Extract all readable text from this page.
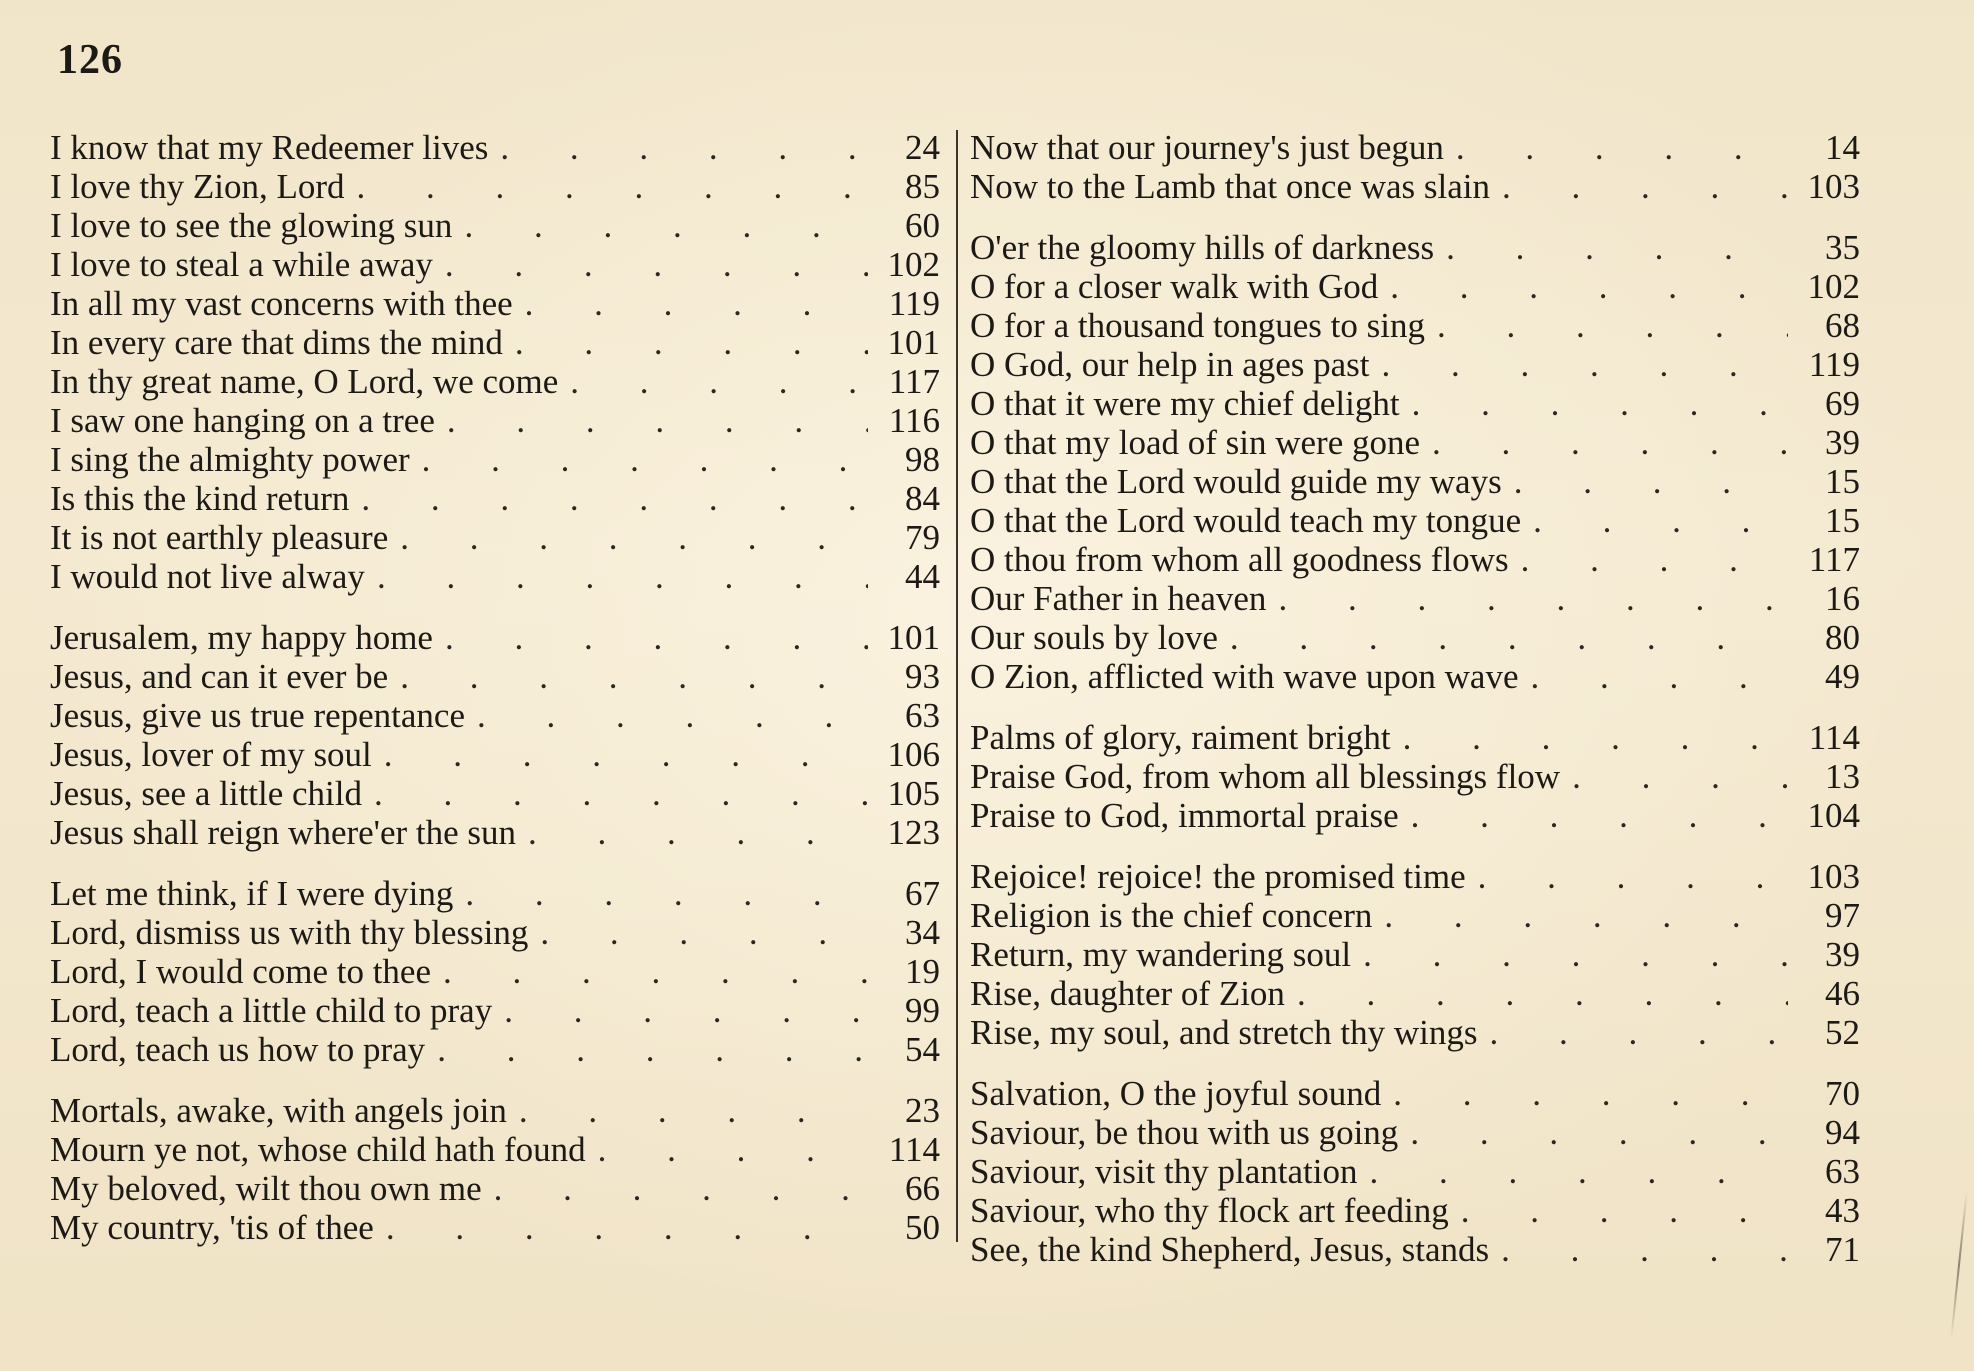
126
I know that my Redeemer lives . . .	24
I love thy Zion, Lord . . .	85
I love to see the glowing sun . . .	60
I love to steal a while away . . .	102
In all my vast concerns with thee . . .	119
In every care that dims the mind . . .	101
In thy great name, O Lord, we come . . .	117
I saw one hanging on a tree . . .	116
I sing the almighty power . . .	98
Is this the kind return . . .	84
It is not earthly pleasure . . .	79
I would not live alway . . .	44
Jerusalem, my happy home . . .	101
Jesus, and can it ever be . . .	93
Jesus, give us true repentance . . .	63
Jesus, lover of my soul . . .	106
Jesus, see a little child . . .	105
Jesus shall reign where'er the sun . . .	123
Let me think, if I were dying . . .	67
Lord, dismiss us with thy blessing . . .	34
Lord, I would come to thee . . .	19
Lord, teach a little child to pray . . .	99
Lord, teach us how to pray . . .	54
Mortals, awake, with angels join . . .	23
Mourn ye not, whose child hath found . . .	114
My beloved, wilt thou own me . . .	66
My country, 'tis of thee . . .	50
Now that our journey's just begun . . .	14
Now to the Lamb that once was slain . . .	103
O'er the gloomy hills of darkness . . .	35
O for a closer walk with God . . .	102
O for a thousand tongues to sing . . .	68
O God, our help in ages past . . .	119
O that it were my chief delight . . .	69
O that my load of sin were gone . . .	39
O that the Lord would guide my ways . . .	15
O that the Lord would teach my tongue . . .	15
O thou from whom all goodness flows . . .	117
Our Father in heaven . . .	16
Our souls by love . . .	80
O Zion, afflicted with wave upon wave . . .	49
Palms of glory, raiment bright . . .	114
Praise God, from whom all blessings flow . . .	13
Praise to God, immortal praise . . .	104
Rejoice! rejoice! the promised time . . .	103
Religion is the chief concern . . .	97
Return, my wandering soul . . .	39
Rise, daughter of Zion . . .	46
Rise, my soul, and stretch thy wings . . .	52
Salvation, O the joyful sound . . .	70
Saviour, be thou with us going . . .	94
Saviour, visit thy plantation . . .	63
Saviour, who thy flock art feeding . . .	43
See, the kind Shepherd, Jesus, stands . . .	71
